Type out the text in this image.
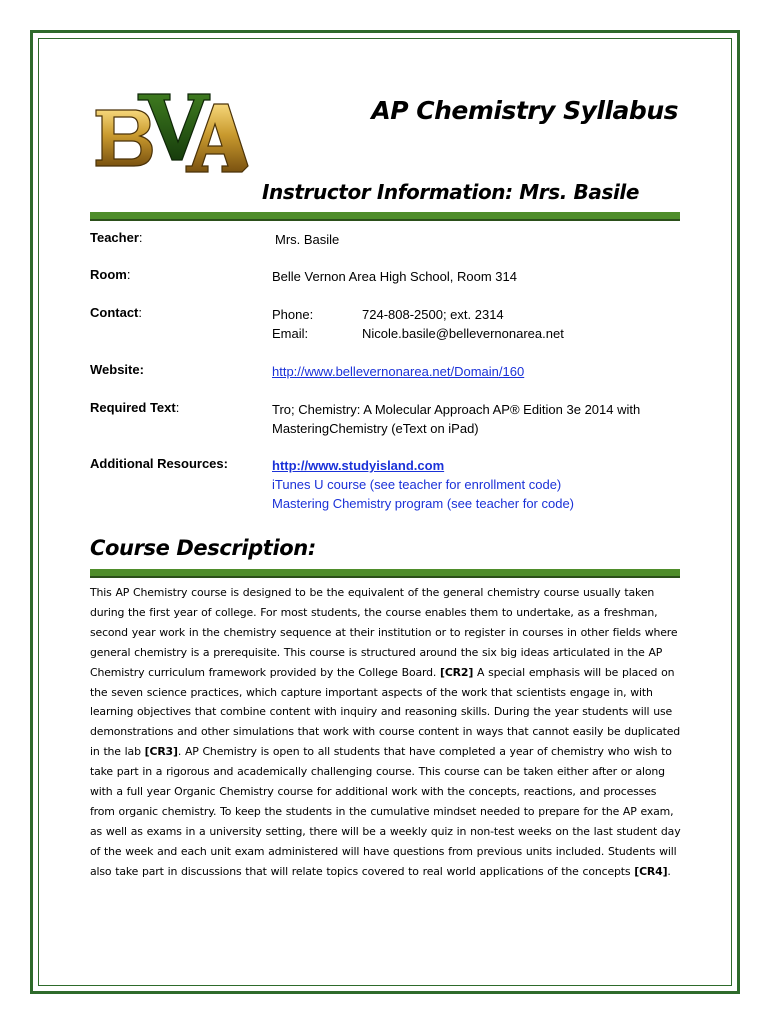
AP Chemistry Syllabus
Instructor Information: Mrs. Basile
Teacher:	Mrs. Basile
Room:	Belle Vernon Area High School, Room 314
Contact:	Phone:	724-808-2500; ext. 2314
Email:	Nicole.basile@bellevernonarea.net
Website:	http://www.bellevernonarea.net/Domain/160
Required Text:	Tro; Chemistry: A Molecular Approach AP® Edition 3e 2014 with
MasteringChemistry (eText on iPad)
Additional Resources:	http://www.studyisland.com
iTunes U course (see teacher for enrollment code)
Mastering Chemistry program (see teacher for code)
Course Description:
This AP Chemistry course is designed to be the equivalent of the general chemistry course usually taken during the first year of college. For most students, the course enables them to undertake, as a freshman, second year work in the chemistry sequence at their institution or to register in courses in other fields where general chemistry is a prerequisite. This course is structured around the six big ideas articulated in the AP Chemistry curriculum framework provided by the College Board. [CR2] A special emphasis will be placed on the seven science practices, which capture important aspects of the work that scientists engage in, with learning objectives that combine content with inquiry and reasoning skills. During the year students will use demonstrations and other simulations that work with course content in ways that cannot easily be duplicated in the lab [CR3]. AP Chemistry is open to all students that have completed a year of chemistry who wish to take part in a rigorous and academically challenging course. This course can be taken either after or along with a full year Organic Chemistry course for additional work with the concepts, reactions, and processes from organic chemistry. To keep the students in the cumulative mindset needed to prepare for the AP exam, as well as exams in a university setting, there will be a weekly quiz in non-test weeks on the last student day of the week and each unit exam administered will have questions from previous units included. Students will also take part in discussions that will relate topics covered to real world applications of the concepts [CR4].
